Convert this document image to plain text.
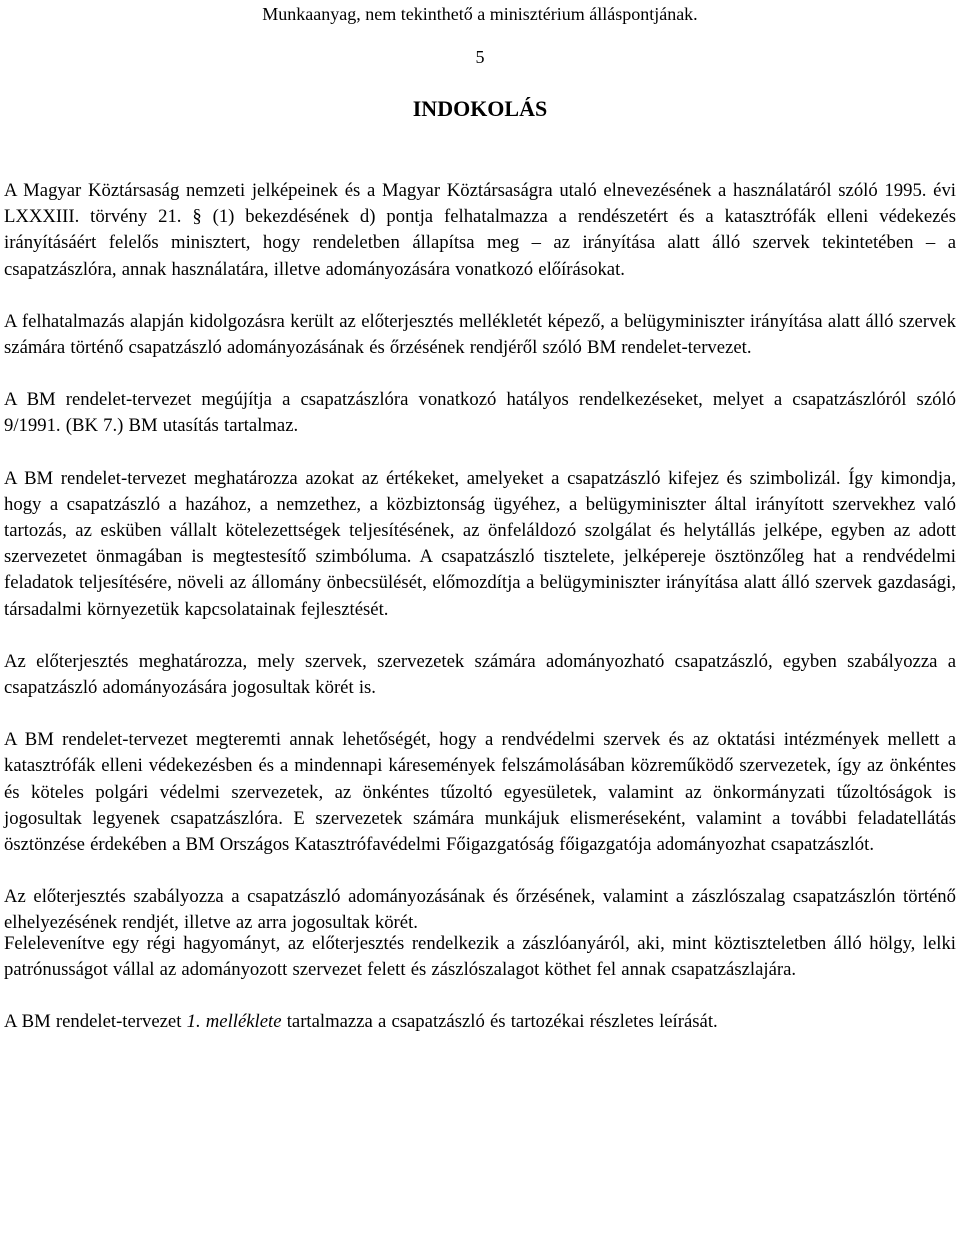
Munkaanyag, nem tekinthető a minisztérium álláspontjának.
5
INDOKOLÁS

A Magyar Köztársaság nemzeti jelképeinek és a Magyar Köztársaságra utaló elnevezésének a használatáról szóló 1995. évi LXXXIII. törvény 21. § (1) bekezdésének d) pontja felhatalmazza a rendészetért és a katasztrófák elleni védekezés irányításáért felelős minisztert, hogy rendeletben állapítsa meg – az irányítása alatt álló szervek tekintetében – a csapatzászlóra, annak használatára, illetve adományozására vonatkozó előírásokat.

A felhatalmazás alapján kidolgozásra került az előterjesztés mellékletét képező, a belügyminiszter irányítása alatt álló szervek számára történő csapatzászló adományozásának és őrzésének rendjéről szóló BM rendelet-tervezet.

A BM rendelet-tervezet megújítja a csapatzászlóra vonatkozó hatályos rendelkezéseket, melyet a csapatzászlóról szóló 9/1991. (BK 7.) BM utasítás tartalmaz.

A BM rendelet-tervezet meghatározza azokat az értékeket, amelyeket a csapatzászló kifejez és szimbolizál. Így kimondja, hogy a csapatzászló a hazához, a nemzethez, a közbiztonság ügyéhez, a belügyminiszter által irányított szervekhez való tartozás, az esküben vállalt kötelezettségek teljesítésének, az önfeláldozó szolgálat és helytállás jelképe, egyben az adott szervezetet önmagában is megtestesítő szimbóluma. A csapatzászló tisztelete, jelképereje ösztönzőleg hat a rendvédelmi feladatok teljesítésére, növeli az állomány önbecsülését, előmozdítja a belügyminiszter irányítása alatt álló szervek gazdasági, társadalmi környezetük kapcsolatainak fejlesztését.

Az előterjesztés meghatározza, mely szervek, szervezetek számára adományozható csapatzászló, egyben szabályozza a csapatzászló adományozására jogosultak körét is.

A BM rendelet-tervezet megteremti annak lehetőségét, hogy a rendvédelmi szervek és az oktatási intézmények mellett a katasztrófák elleni védekezésben és a mindennapi káresemények felszámolásában közreműködő szervezetek, így az önkéntes és köteles polgári védelmi szervezetek, az önkéntes tűzoltó egyesületek, valamint az önkormányzati tűzoltóságok is jogosultak legyenek csapatzászlóra. E szervezetek számára munkájuk elismeréseként, valamint a további feladatellátás ösztönzése érdekében a BM Országos Katasztrófavédelmi Főigazgatóság főigazgatója adományozhat csapatzászlót.

Az előterjesztés szabályozza a csapatzászló adományozásának és őrzésének, valamint a zászlószalag csapatzászlón történő elhelyezésének rendjét, illetve az arra jogosultak körét.

Felelevenítve egy régi hagyományt, az előterjesztés rendelkezik a zászlóanyáról, aki, mint köztiszteletben álló hölgy, lelki patrónusságot vállal az adományozott szervezet felett és zászlószalagot köthet fel annak csapatzászlajára.

A BM rendelet-tervezet 1. melléklete tartalmazza a csapatzászló és tartozékai részletes leírását.
